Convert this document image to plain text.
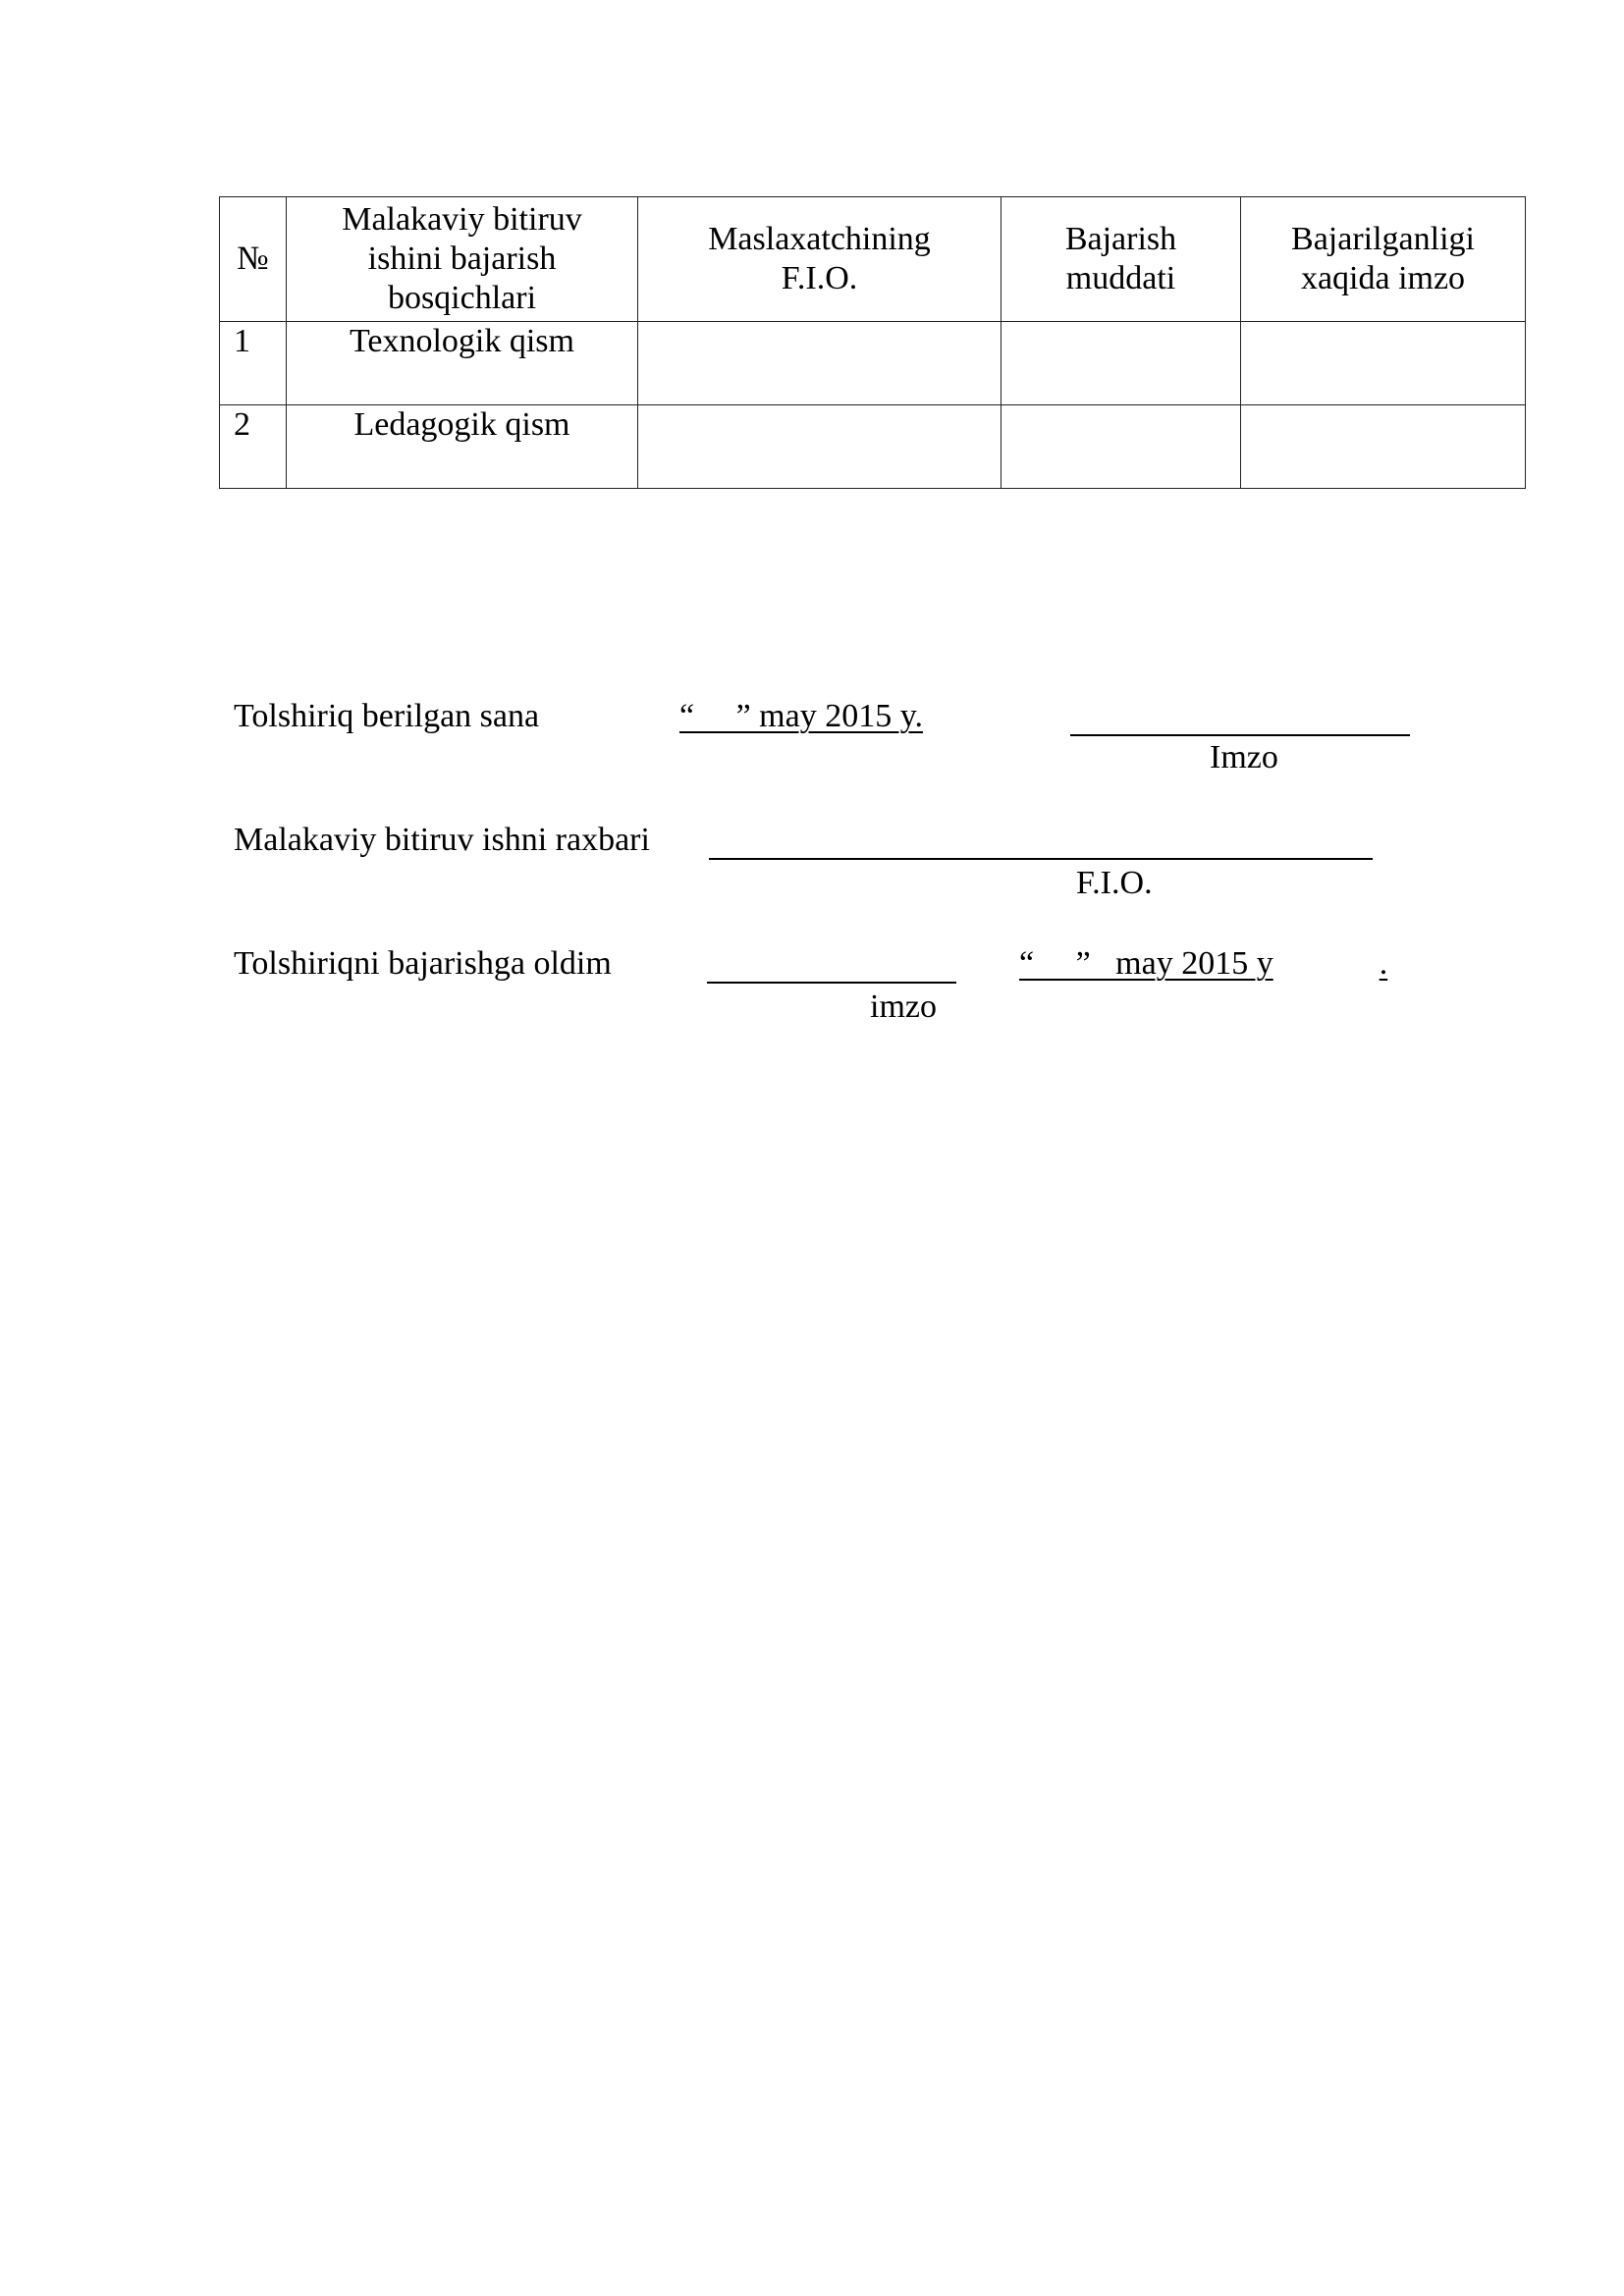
№	Malakaviy bitiruv ishini bajarish bosqichlari	Maslaxatchining F.I.O.	Bajarish muddati	Bajarilganligi xaqida imzo

1	Texnologik qism			
2	Ledagogik qism			
Tolshiriq berilgan sana	“     ” may 2015 y.
Imzo
Malakaviy bitiruv ishni raxbari
F.I.O.
Tolshiriqni bajarishga oldim
imzo
“     ”   may 2015 y	.
